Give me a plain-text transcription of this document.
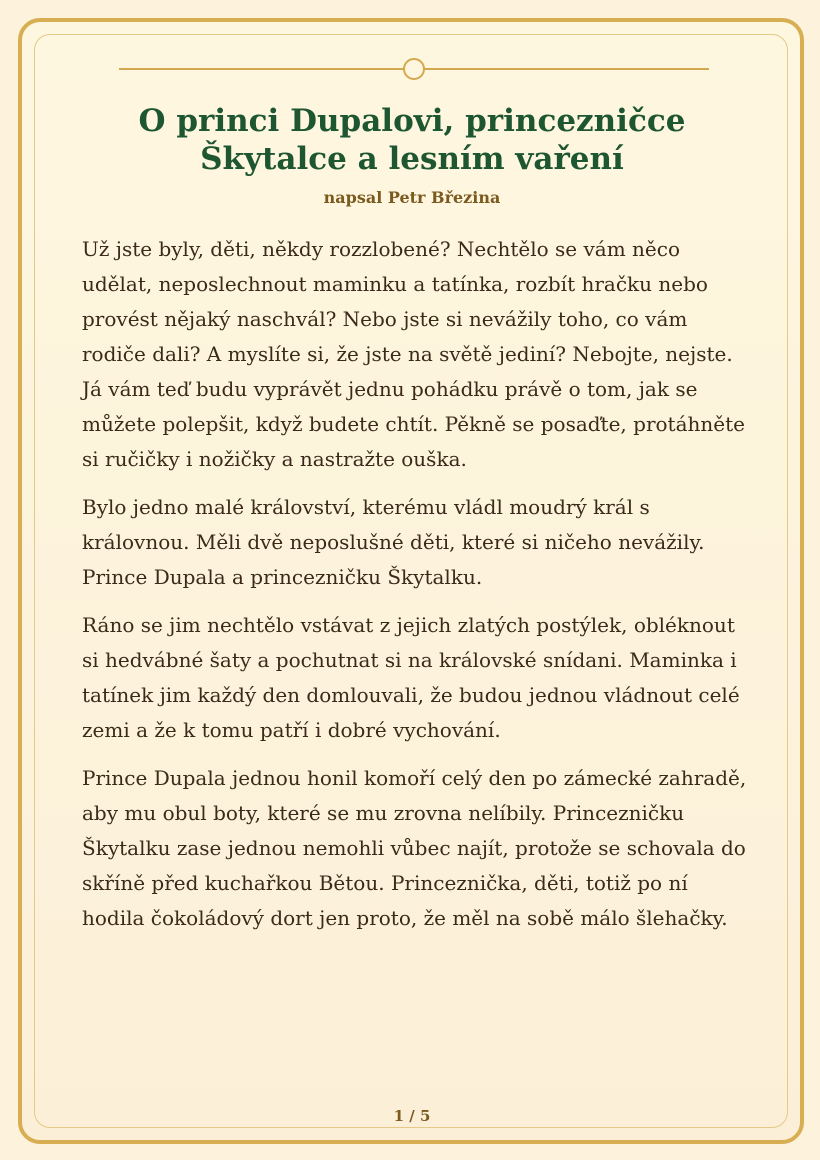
O princi Dupalovi, princezničce
Škytalce a lesním vaření
napsal Petr Březina

Už jste byly, děti, někdy rozzlobené? Nechtělo se vám něco udělat, neposlechnout maminku a tatínka, rozbít hračku nebo provést nějaký naschvál? Nebo jste si nevážily toho, co vám rodiče dali? A myslíte si, že jste na světě jediní? Nebojte, nejste. Já vám teď budu vyprávět jednu pohádku právě o tom, jak se můžete polepšit, když budete chtít. Pěkně se posaďte, protáhněte si ručičky i nožičky a nastražte ouška.

Bylo jedno malé království, kterému vládl moudrý král s královnou. Měli dvě neposlušné děti, které si ničeho nevážily. Prince Dupala a princezničku Škytalku.

Ráno se jim nechtělo vstávat z jejich zlatých postýlek, obléknout si hedvábné šaty a pochutnat si na královské snídani. Maminka i tatínek jim každý den domlouvali, že budou jednou vládnout celé zemi a že k tomu patří i dobré vychování.

Prince Dupala jednou honil komoří celý den po zámecké zahradě, aby mu obul boty, které se mu zrovna nelíbily. Princezničku Škytalku zase jednou nemohli vůbec najít, protože se schovala do skříně před kuchařkou Bětou. Princeznička, děti, totiž po ní hodila čokoládový dort jen proto, že měl na sobě málo šlehačky.

1 / 5
